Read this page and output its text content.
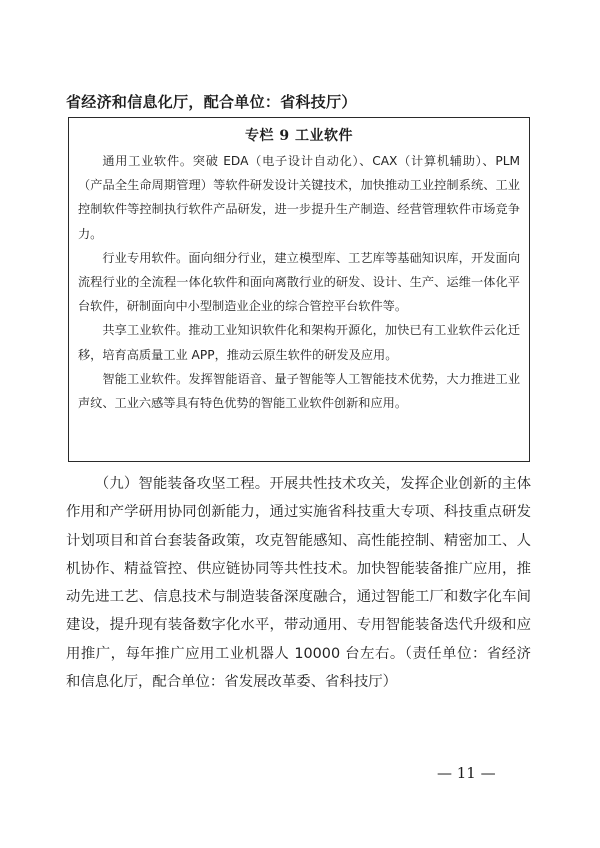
省经济和信息化厅，配合单位：省科技厅）
专栏 9 工业软件

通用工业软件。突破 EDA（电子设计自动化）、CAX（计算机辅助）、PLM（产品全生命周期管理）等软件研发设计关键技术，加快推动工业控制系统、工业控制软件等控制执行软件产品研发，进一步提升生产制造、经营管理软件市场竞争力。

行业专用软件。面向细分行业，建立模型库、工艺库等基础知识库，开发面向流程行业的全流程一体化软件和面向离散行业的研发、设计、生产、运维一体化平台软件，研制面向中小型制造业企业的综合管控平台软件等。

共享工业软件。推动工业知识软件化和架构开源化，加快已有工业软件云化迁移，培育高质量工业 APP，推动云原生软件的研发及应用。

智能工业软件。发挥智能语音、量子智能等人工智能技术优势，大力推进工业声纹、工业六感等具有特色优势的智能工业软件创新和应用。

（九）智能装备攻坚工程。开展共性技术攻关，发挥企业创新的主体作用和产学研用协同创新能力，通过实施省科技重大专项、科技重点研发计划项目和首台套装备政策，攻克智能感知、高性能控制、精密加工、人机协作、精益管控、供应链协同等共性技术。加快智能装备推广应用，推动先进工艺、信息技术与制造装备深度融合，通过智能工厂和数字化车间建设，提升现有装备数字化水平，带动通用、专用智能装备迭代升级和应用推广，每年推广应用工业机器人 10000 台左右。（责任单位：省经济和信息化厅，配合单位：省发展改革委、省科技厅）

— 11 —
